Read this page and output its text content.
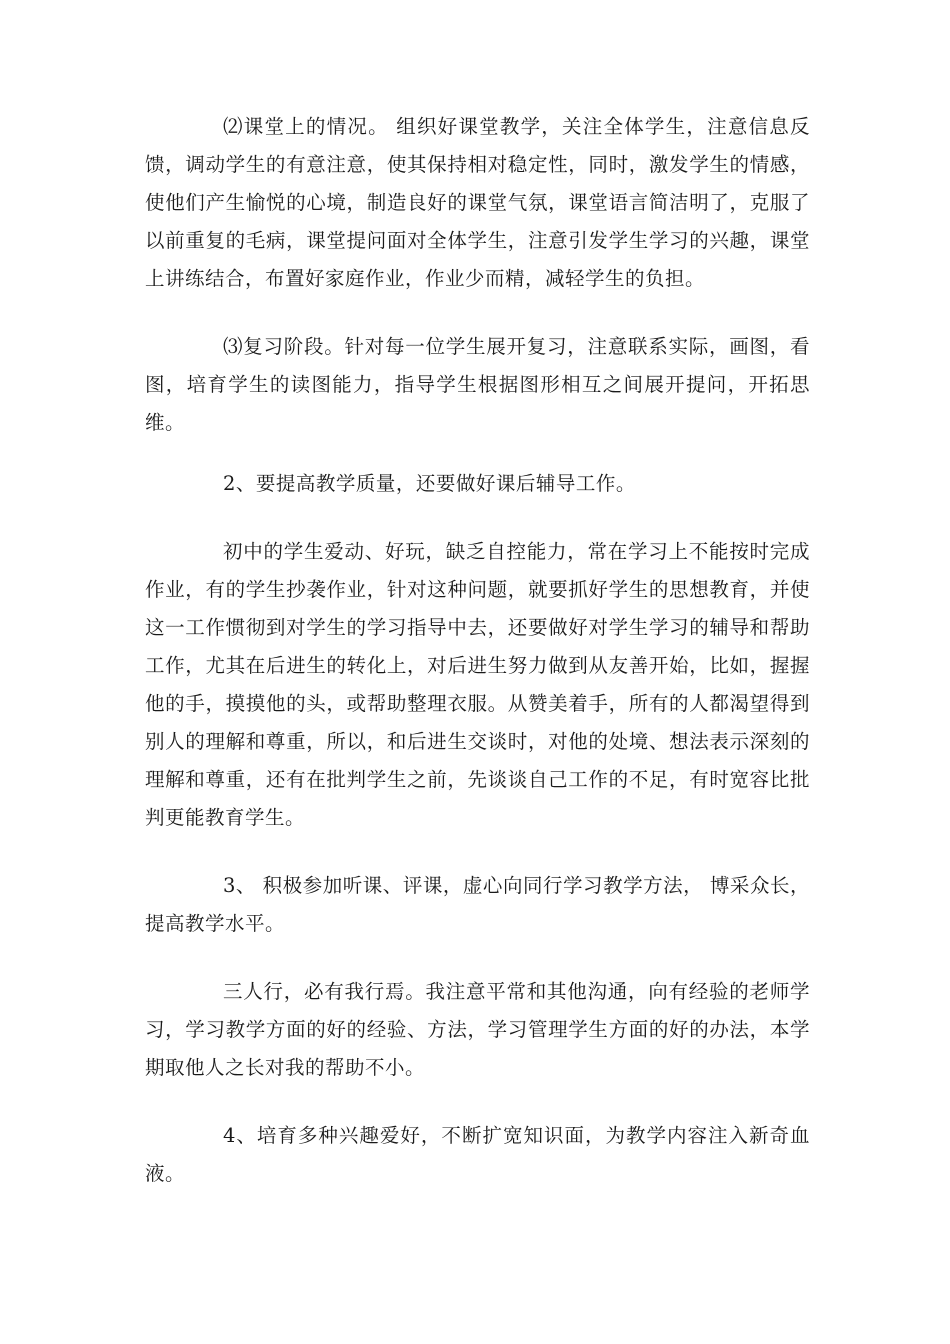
⑵课堂上的情况。 组织好课堂教学，关注全体学生，注意信息反馈，调动学生的有意注意，使其保持相对稳定性，同时，激发学生的情感，使他们产生愉悦的心境，制造良好的课堂气氛，课堂语言简洁明了，克服了以前重复的毛病，课堂提问面对全体学生，注意引发学生学习的兴趣，课堂上讲练结合，布置好家庭作业，作业少而精，减轻学生的负担。

⑶复习阶段。针对每一位学生展开复习，注意联系实际，画图，看图，培育学生的读图能力，指导学生根据图形相互之间展开提问，开拓思维。

2、要提高教学质量，还要做好课后辅导工作。

初中的学生爱动、好玩，缺乏自控能力，常在学习上不能按时完成作业，有的学生抄袭作业，针对这种问题，就要抓好学生的思想教育，并使这一工作惯彻到对学生的学习指导中去，还要做好对学生学习的辅导和帮助工作，尤其在后进生的转化上，对后进生努力做到从友善开始，比如，握握他的手，摸摸他的头，或帮助整理衣服。从赞美着手，所有的人都渴望得到别人的理解和尊重，所以，和后进生交谈时，对他的处境、想法表示深刻的理解和尊重，还有在批判学生之前，先谈谈自己工作的不足，有时宽容比批判更能教育学生。

3、 积极参加听课、评课，虚心向同行学习教学方法， 博采众长，提高教学水平。

三人行，必有我行焉。我注意平常和其他沟通，向有经验的老师学习，学习教学方面的好的经验、方法，学习管理学生方面的好的办法，本学期取他人之长对我的帮助不小。

4、培育多种兴趣爱好，不断扩宽知识面，为教学内容注入新奇血液。
